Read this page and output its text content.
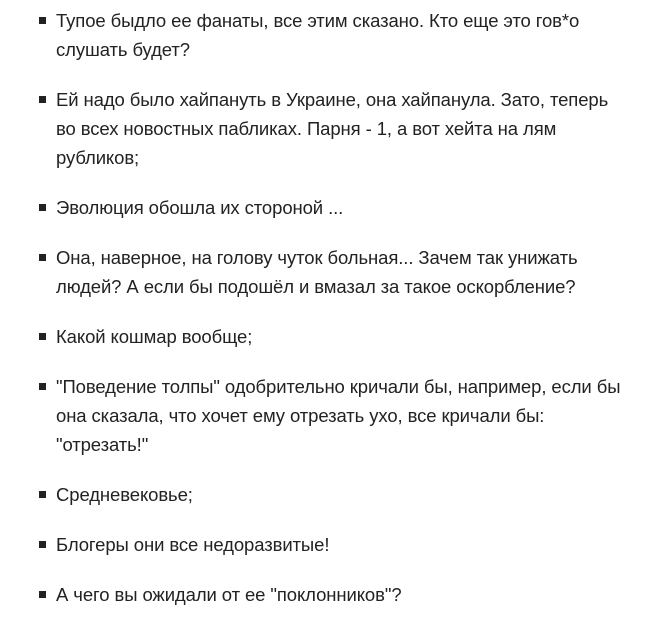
Тупое быдло ее фанаты, все этим сказано. Кто еще это гов*о слушать будет?
Ей надо было хайпануть в Украине, она хайпанула. Зато, теперь во всех новостных пабликах. Парня - 1, а вот хейта на лям рубликов;
Эволюция обошла их стороной ...
Она, наверное, на голову чуток больная... Зачем так унижать людей? А если бы подошёл и вмазал за такое оскорбление?
Какой кошмар вообще;
"Поведение толпы" одобрительно кричали бы, например, если бы она сказала, что хочет ему отрезать ухо, все кричали бы: "отрезать!"
Средневековье;
Блогеры они все недоразвитые!
А чего вы ожидали от ее "поклонников"?
